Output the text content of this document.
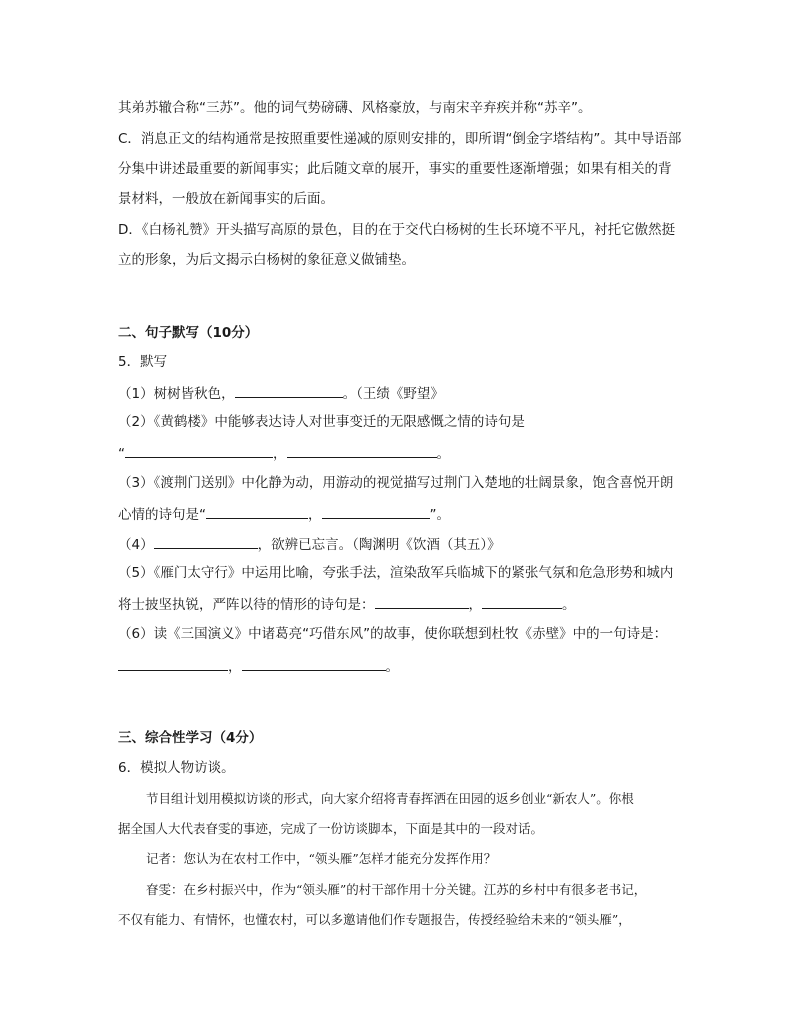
其弟苏辙合称“三苏”。他的词气势磅礴、风格豪放，与南宋辛弃疾并称“苏辛”。
C．消息正文的结构通常是按照重要性递减的原则安排的，即所谓“倒金字塔结构”。其中导语部
分集中讲述最重要的新闻事实；此后随文章的展开，事实的重要性逐渐增强；如果有相关的背
景材料，一般放在新闻事实的后面。
D．《白杨礼赞》开头描写高原的景色，目的在于交代白杨树的生长环境不平凡，衬托它傲然挺
立的形象，为后文揭示白杨树的象征意义做铺垫。
二、句子默写（10分）
5．默写
（1）树树皆秋色，	。（王绩《野望》
（2）《黄鹤楼》中能够表达诗人对世事变迁的无限感慨之情的诗句是
“	，	。
（3）《渡荆门送别》中化静为动，用游动的视觉描写过荆门入楚地的壮阔景象，饱含喜悦开朗
心情的诗句是“	，	”。
（4）	，欲辨已忘言。（陶渊明《饮酒（其五）》
（5）《雁门太守行》中运用比喻，夸张手法，渲染敌军兵临城下的紧张气氛和危急形势和城内
将士披坚执锐，严阵以待的情形的诗句是：	，	。
（6）读《三国演义》中诸葛亮“巧借东风”的故事，使你联想到杜牧《赤壁》中的一句诗是：
，	。
三、综合性学习（4分）
6．模拟人物访谈。
节目组计划用模拟访谈的形式，向大家介绍将青春挥洒在田园的返乡创业“新农人”。你根
据全国人大代表眘雯的事迹，完成了一份访谈脚本，下面是其中的一段对话。
记者：您认为在农村工作中，“领头雁”怎样才能充分发挥作用？
眘雯：在乡村振兴中，作为“领头雁”的村干部作用十分关键。江苏的乡村中有很多老书记，
不仅有能力、有情怀，也懂农村，可以多邀请他们作专题报告，传授经验给未来的“领头雁”，
